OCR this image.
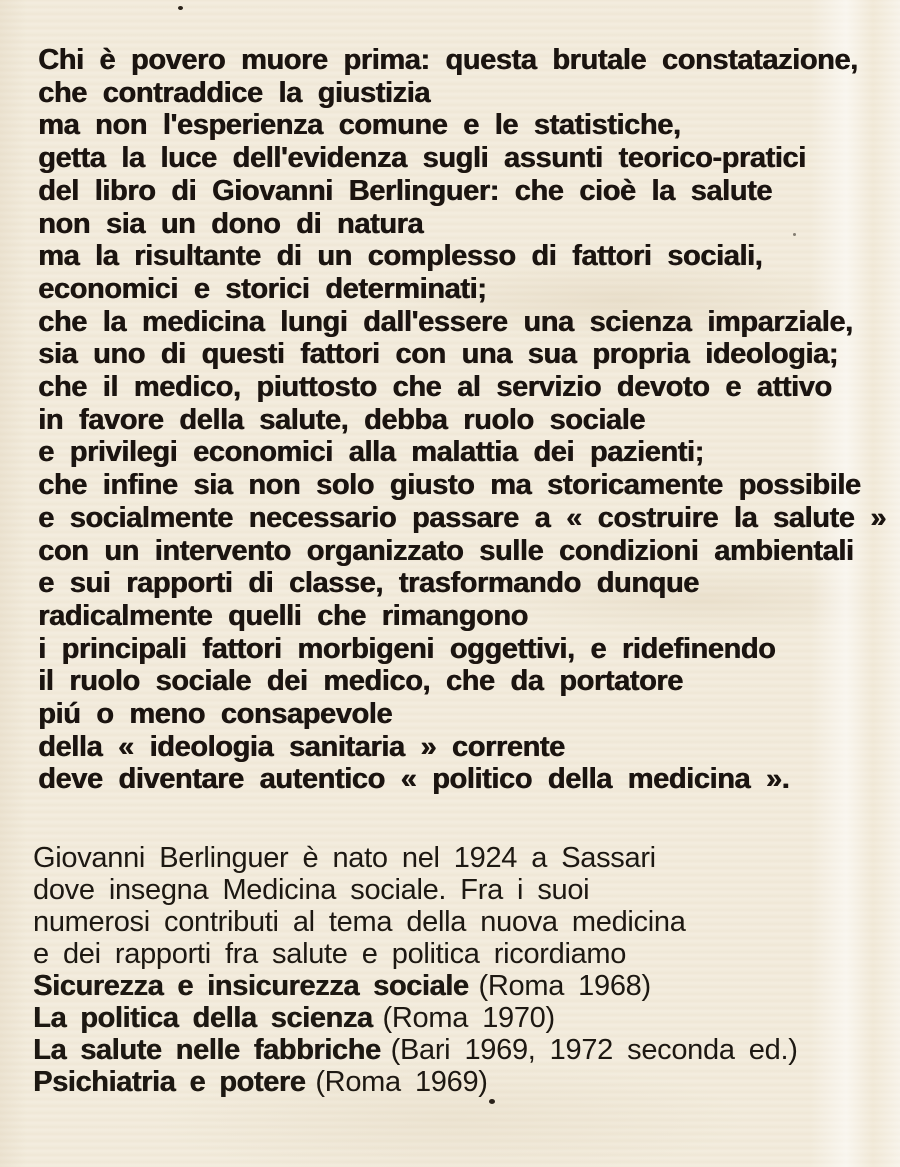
Chi è povero muore prima: questa brutale constatazione,
che contraddice la giustizia
ma non l'esperienza comune e le statistiche,
getta la luce dell'evidenza sugli assunti teorico-pratici
del libro di Giovanni Berlinguer: che cioè la salute
non sia un dono di natura
ma la risultante di un complesso di fattori sociali,
economici e storici determinati;
che la medicina lungi dall'essere una scienza imparziale,
sia uno di questi fattori con una sua propria ideologia;
che il medico, piuttosto che al servizio devoto e attivo
in favore della salute, debba ruolo sociale
e privilegi economici alla malattia dei pazienti;
che infine sia non solo giusto ma storicamente possibile
e socialmente necessario passare a « costruire la salute »
con un intervento organizzato sulle condizioni ambientali
e sui rapporti di classe, trasformando dunque
radicalmente quelli che rimangono
i principali fattori morbigeni oggettivi, e ridefinendo
il ruolo sociale dei medico, che da portatore
piú o meno consapevole
della « ideologia sanitaria » corrente
deve diventare autentico « politico della medicina ».
Giovanni Berlinguer è nato nel 1924 a Sassari
dove insegna Medicina sociale. Fra i suoi
numerosi contributi al tema della nuova medicina
e dei rapporti fra salute e politica ricordiamo
Sicurezza e insicurezza sociale (Roma 1968)
La politica della scienza (Roma 1970)
La salute nelle fabbriche (Bari 1969, 1972 seconda ed.)
Psichiatria e potere (Roma 1969)
